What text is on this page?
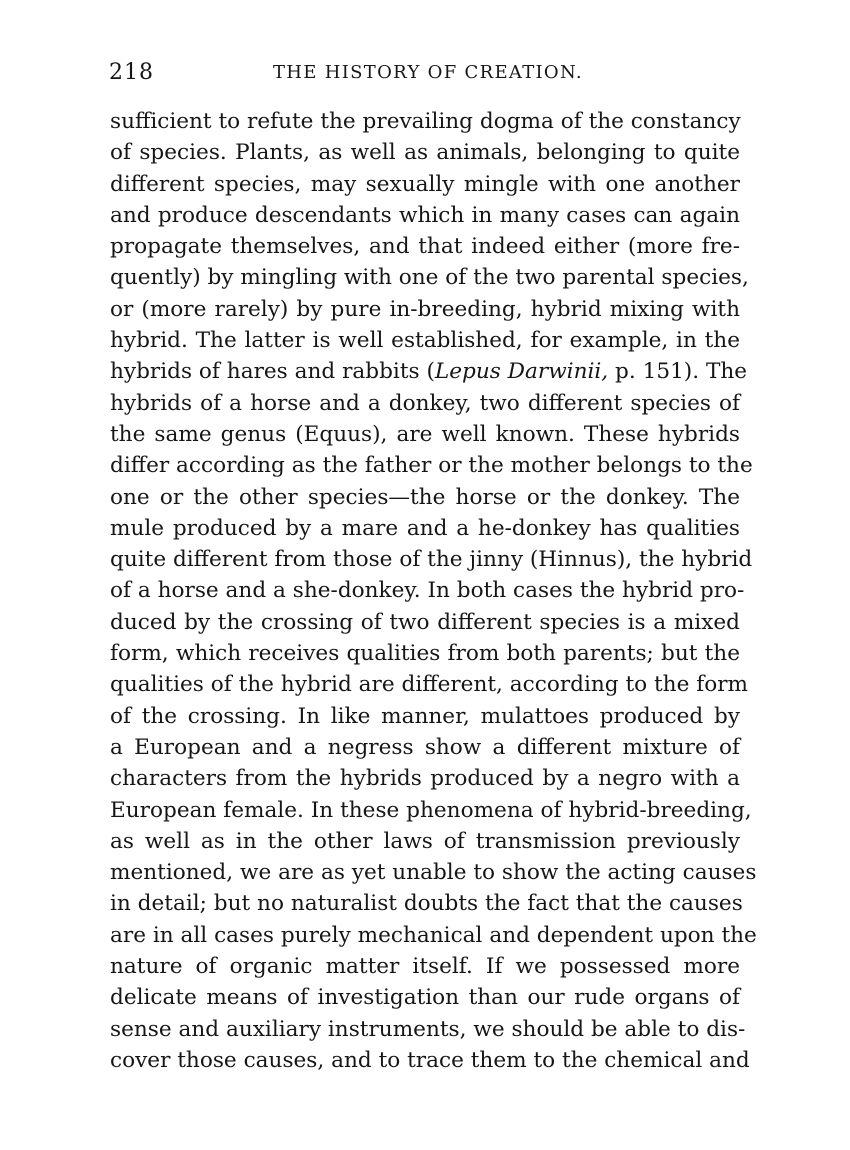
218	THE HISTORY OF CREATION.
sufficient to refute the prevailing dogma of the constancy
of species. Plants, as well as animals, belonging to quite
different species, may sexually mingle with one another
and produce descendants which in many cases can again
propagate themselves, and that indeed either (more fre-
quently) by mingling with one of the two parental species,
or (more rarely) by pure in-breeding, hybrid mixing with
hybrid. The latter is well established, for example, in the
hybrids of hares and rabbits (Lepus Darwinii, p. 151). The
hybrids of a horse and a donkey, two different species of
the same genus (Equus), are well known. These hybrids
differ according as the father or the mother belongs to the
one or the other species—the horse or the donkey. The
mule produced by a mare and a he-donkey has qualities
quite different from those of the jinny (Hinnus), the hybrid
of a horse and a she-donkey. In both cases the hybrid pro-
duced by the crossing of two different species is a mixed
form, which receives qualities from both parents; but the
qualities of the hybrid are different, according to the form
of the crossing. In like manner, mulattoes produced by
a European and a negress show a different mixture of
characters from the hybrids produced by a negro with a
European female. In these phenomena of hybrid-breeding,
as well as in the other laws of transmission previously
mentioned, we are as yet unable to show the acting causes
in detail; but no naturalist doubts the fact that the causes
are in all cases purely mechanical and dependent upon the
nature of organic matter itself. If we possessed more
delicate means of investigation than our rude organs of
sense and auxiliary instruments, we should be able to dis-
cover those causes, and to trace them to the chemical and
